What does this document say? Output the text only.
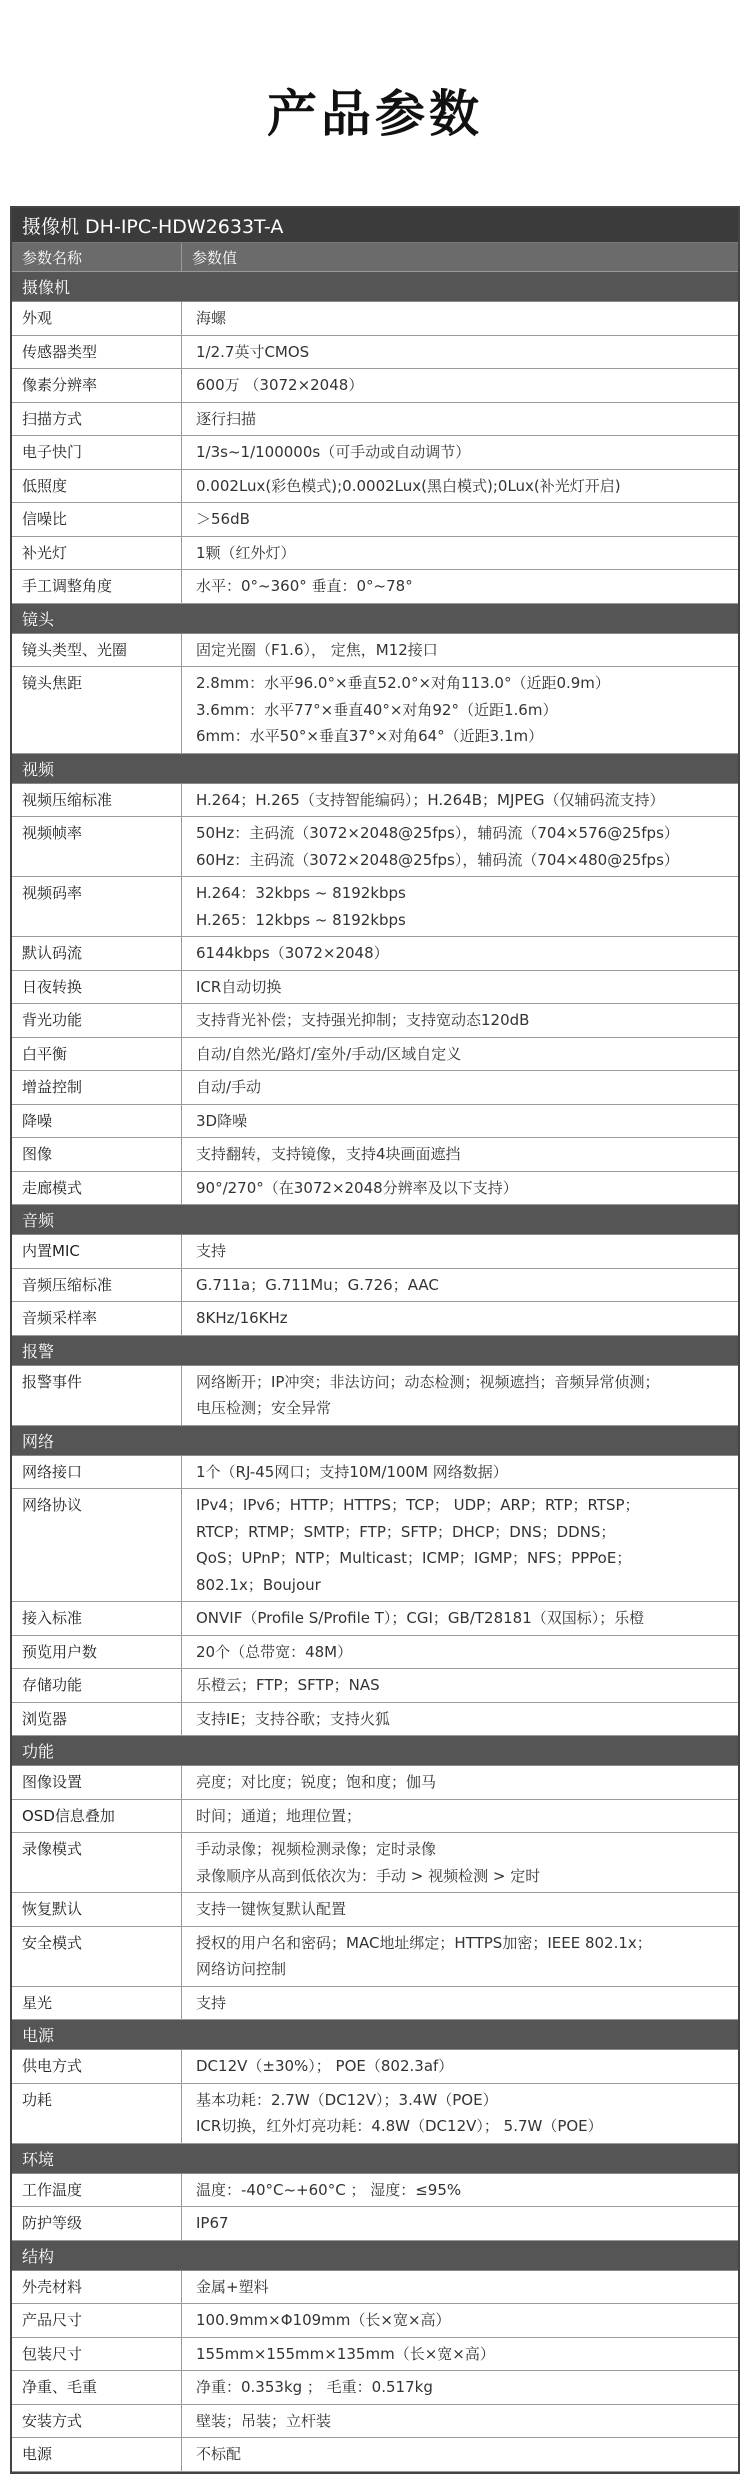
产品参数
摄像机 DH-IPC-HDW2633T-A
参数名称	参数值
摄像机
外观	海螺
传感器类型	1/2.7英寸CMOS
像素分辨率	600万 （3072×2048）
扫描方式	逐行扫描
电子快门	1/3s~1/100000s（可手动或自动调节）
低照度	0.002Lux(彩色模式);0.0002Lux(黑白模式);0Lux(补光灯开启)
信噪比	＞56dB
补光灯	1颗（红外灯）
手工调整角度	水平：0°~360° 垂直：0°~78°
镜头
镜头类型、光圈	固定光圈（F1.6）， 定焦，M12接口
镜头焦距	2.8mm：水平96.0°×垂直52.0°×对角113.0°（近距0.9m）
3.6mm：水平77°×垂直40°×对角92°（近距1.6m）
6mm：水平50°×垂直37°×对角64°（近距3.1m）
视频
视频压缩标准	H.264；H.265（支持智能编码）；H.264B；MJPEG（仅辅码流支持）
视频帧率	50Hz：主码流（3072×2048@25fps），辅码流（704×576@25fps）
60Hz：主码流（3072×2048@25fps），辅码流（704×480@25fps）
视频码率	H.264：32kbps ~ 8192kbps
H.265：12kbps ~ 8192kbps
默认码流	6144kbps（3072×2048）
日夜转换	ICR自动切换
背光功能	支持背光补偿；支持强光抑制；支持宽动态120dB
白平衡	自动/自然光/路灯/室外/手动/区域自定义
增益控制	自动/手动
降噪	3D降噪
图像	支持翻转，支持镜像，支持4块画面遮挡
走廊模式	90°/270°（在3072×2048分辨率及以下支持）
音频
内置MIC	支持
音频压缩标准	G.711a；G.711Mu；G.726；AAC
音频采样率	8KHz/16KHz
报警
报警事件	网络断开；IP冲突；非法访问；动态检测；视频遮挡；音频异常侦测；
电压检测；安全异常
网络
网络接口	1个（RJ-45网口；支持10M/100M 网络数据）
网络协议	IPv4；IPv6；HTTP；HTTPS；TCP； UDP；ARP；RTP；RTSP；
RTCP；RTMP；SMTP；FTP；SFTP；DHCP；DNS；DDNS；
QoS；UPnP；NTP；Multicast；ICMP；IGMP；NFS；PPPoE；
802.1x；Boujour
接入标准	ONVIF（Profile S/Profile T）；CGI；GB/T28181（双国标）；乐橙
预览用户数	20个（总带宽：48M）
存储功能	乐橙云；FTP；SFTP；NAS
浏览器	支持IE；支持谷歌；支持火狐
功能
图像设置	亮度；对比度；锐度；饱和度；伽马
OSD信息叠加	时间；通道；地理位置；
录像模式	手动录像；视频检测录像；定时录像
录像顺序从高到低依次为：手动 > 视频检测 > 定时
恢复默认	支持一键恢复默认配置
安全模式	授权的用户名和密码；MAC地址绑定；HTTPS加密；IEEE 802.1x；
网络访问控制
星光	支持
电源
供电方式	DC12V（±30%）； POE（802.3af）
功耗	基本功耗：2.7W（DC12V）；3.4W（POE）
ICR切换，红外灯亮功耗：4.8W（DC12V）； 5.7W（POE）
环境
工作温度	温度：-40°C~+60°C ； 湿度：≤95%
防护等级	IP67
结构
外壳材料	金属+塑料
产品尺寸	100.9mm×Φ109mm（长×宽×高）
包装尺寸	155mm×155mm×135mm（长×宽×高）
净重、毛重	净重：0.353kg ； 毛重：0.517kg
安装方式	壁装；吊装；立杆装
电源	不标配
